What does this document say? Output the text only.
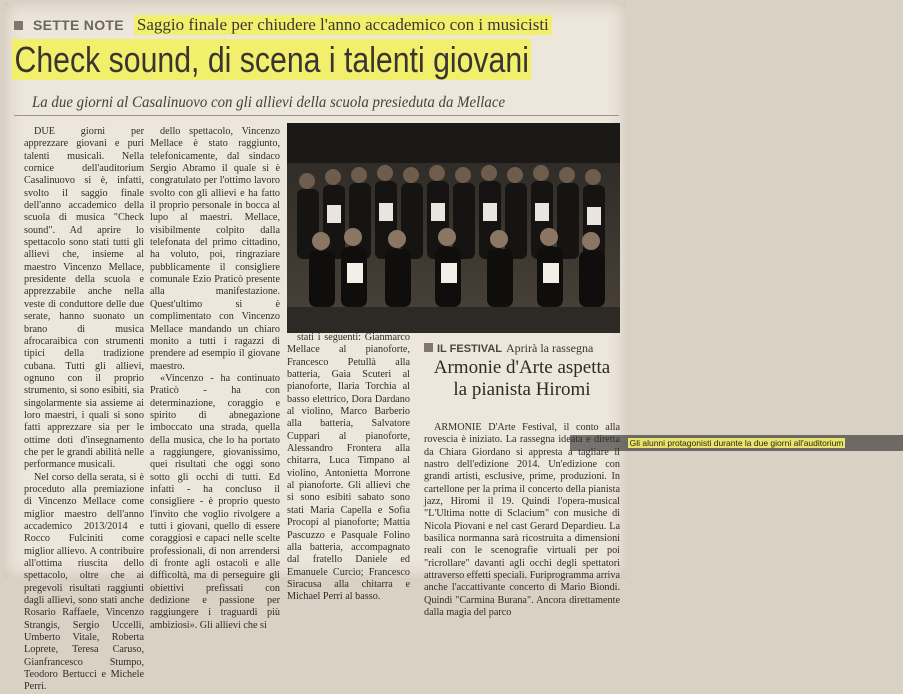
SETTE NOTE Saggio finale per chiudere l'anno accademico con i musicisti
Check sound, di scena i talenti giovani
La due giorni al Casalinuovo con gli allievi della scuola presieduta da Mellace

DUE giorni per apprezzare giovani e puri talenti musicali. Nella cornice dell'auditorium Casalinuovo si è, infatti, svolto il saggio finale dell'anno accademico della scuola di musica "Check sound". Ad aprire lo spettacolo sono stati tutti gli allievi che, insieme al maestro Vincenzo Mellace, presidente della scuola e apprezzabile anche nella veste di conduttore delle due serate, hanno suonato un brano di musica afrocaraibica con strumenti tipici della tradizione cubana. Tutti gli allievi, ognuno con il proprio strumento, si sono esibiti, sia singolarmente sia assieme ai loro maestri, i quali si sono fatti apprezzare sia per le ottime doti d'insegnamento che per le grandi abilità nelle performance musicali.

Nel corso della serata, si è proceduto alla premiazione di Vincenzo Mellace come miglior maestro dell'anno accademico 2013/2014 e Rocco Fulciniti come miglior allievo. A contribuire all'ottima riuscita dello spettacolo, oltre che ai pregevoli risultati raggiunti dagli allievi, sono stati anche Rosario Raffaele, Vincenzo Strangis, Sergio Uccelli, Umberto Vitale, Roberta Loprete, Teresa Caruso, Gianfrancesco Stumpo, Teodoro Bertucci e Michele Perri.

dello spettacolo, Vincenzo Mellace è stato raggiunto, telefonicamente, dal sindaco Sergio Abramo il quale si è congratulato per l'ottimo lavoro svolto con gli allievi e ha fatto il proprio personale in bocca al lupo al maestri. Mellace, visibilmente colpito dalla telefonata del primo cittadino, ha voluto, poi, ringraziare pubblicamente il consigliere comunale Ezio Praticò presente alla manifestazione. Quest'ultimo si è complimentato con Vincenzo Mellace mandando un chiaro monito a tutti i ragazzi di prendere ad esempio il giovane maestro.

«Vincenzo - ha continuato Praticò - ha con determinazione, coraggio e spirito di abnegazione imboccato una strada, quella della musica, che lo ha portato a raggiungere, giovanissimo, quei risultati che oggi sono sotto gli occhi di tutti. Ed infatti - ha concluso il consigliere - è proprio questo l'invito che voglio rivolgere a tutti i giovani, quello di essere coraggiosi e capaci nelle scelte professionali, di non arrendersi di fronte agli ostacoli e alle difficoltà, ma di perseguire gli obiettivi prefissati con dedizione e passione per raggiungere i traguardi più ambiziosi». Gli allievi che si

Gli alunni protagonisti durante la due giorni all'auditorium

stati i seguenti: Gianmarco Mellace al pianoforte, Francesco Petullà alla batteria, Gaia Scuteri al pianoforte, Ilaria Torchia al basso elettrico, Dora Dardano al violino, Marco Barberio alla batteria, Salvatore Cuppari al pianoforte, Alessandro Frontera alla chitarra, Luca Timpano al violino, Antonietta Morrone al pianoforte. Gli allievi che si sono esibiti sabato sono stati Maria Capella e Sofia Procopi al pianoforte; Mattia Pascuzzo e Pasquale Folino alla batteria, accompagnato dal fratello Daniele ed Emanuele Curcio; Francesco Siracusa alla chitarra e Michael Perri al basso.

IL FESTIVAL Aprirà la rassegna
Armonie d'Arte aspetta
la pianista Hiromi

ARMONIE D'Arte Festival, il conto alla rovescia è iniziato. La rassegna ideata e diretta da Chiara Giordano si appresta a tagliare il nastro dell'edizione 2014. Un'edizione con grandi artisti, esclusive, prime, produzioni. In cartellone per la prima il concerto della pianista jazz, Hiromi il 19. Quindi l'opera-musical "L'Ultima notte di Sclacium" con musiche di Nicola Piovani e nel cast Gerard Depardieu. La basilica normanna sarà ricostruita a dimensioni reali con le scenografie virtuali per poi "ricrollare" davanti agli occhi degli spettatori attraverso effetti speciali. Furiprogramma arriva anche l'accattivante concerto di Mario Biondi. Quindi "Carmina Burana". Ancora direttamente dalla magia del parco
